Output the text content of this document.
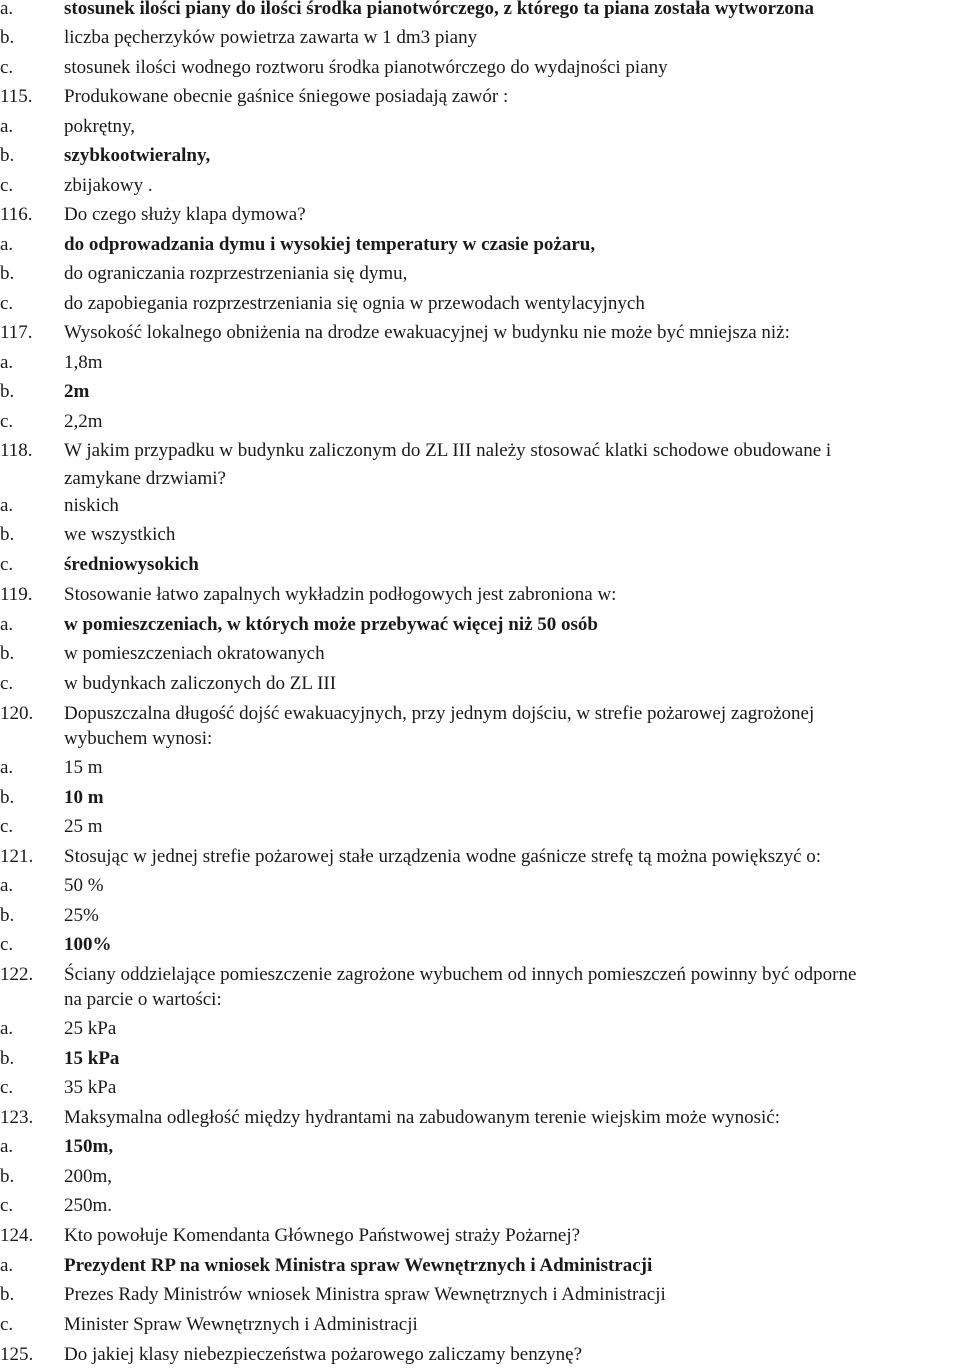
a.	stosunek ilości piany do ilości środka pianotwórczego, z którego ta piana została wytworzona
b.	liczba pęcherzyków powietrza zawarta w 1 dm3 piany
c.	stosunek ilości wodnego roztworu środka pianotwórczego do wydajności piany
115. Produkowane obecnie gaśnice śniegowe posiadają zawór :
a.	pokrętny,
b.	szybkootwieralny,
c.	zbijakowy .
116. Do czego służy klapa dymowa?
a.	do odprowadzania dymu i wysokiej temperatury w czasie pożaru,
b.	do ograniczania rozprzestrzeniania się dymu,
c.	do zapobiegania rozprzestrzeniania się ognia w przewodach wentylacyjnych
117. Wysokość lokalnego obniżenia na drodze ewakuacyjnej w budynku nie może być mniejsza niż:
a.	1,8m
b.	2m
c.	2,2m
118. W jakim przypadku w budynku zaliczonym do ZL III należy stosować klatki schodowe obudowane i
zamykane drzwiami?
a.	niskich
b.	we wszystkich
c.	średniowysokich
119. Stosowanie łatwo zapalnych wykładzin podłogowych jest zabroniona w:
a.	w pomieszczeniach, w których może przebywać więcej niż 50 osób
b.	w pomieszczeniach okratowanych
c.	w budynkach zaliczonych do ZL III
120. Dopuszczalna długość dojść ewakuacyjnych, przy jednym dojściu, w strefie pożarowej zagrożonej
wybuchem wynosi:
a.	15 m
b.	10 m
c.	25 m
121. Stosując w jednej strefie pożarowej stałe urządzenia wodne gaśnicze strefę tą można powiększyć o:
a.	50 %
b.	25%
c.	100%
122. Ściany oddzielające pomieszczenie zagrożone wybuchem od innych pomieszczeń powinny być odporne
na parcie o wartości:
a.	25 kPa
b.	15 kPa
c.	35 kPa
123. Maksymalna odległość między hydrantami na zabudowanym terenie wiejskim może wynosić:
a.	150m,
b.	200m,
c.	250m.
124. Kto powołuje Komendanta Głównego Państwowej straży Pożarnej?
a.	Prezydent RP na wniosek Ministra spraw Wewnętrznych i Administracji
b.	Prezes Rady Ministrów wniosek Ministra spraw Wewnętrznych i Administracji
c.	Minister Spraw Wewnętrznych i Administracji
125. Do jakiej klasy niebezpieczeństwa pożarowego zaliczamy benzynę?
